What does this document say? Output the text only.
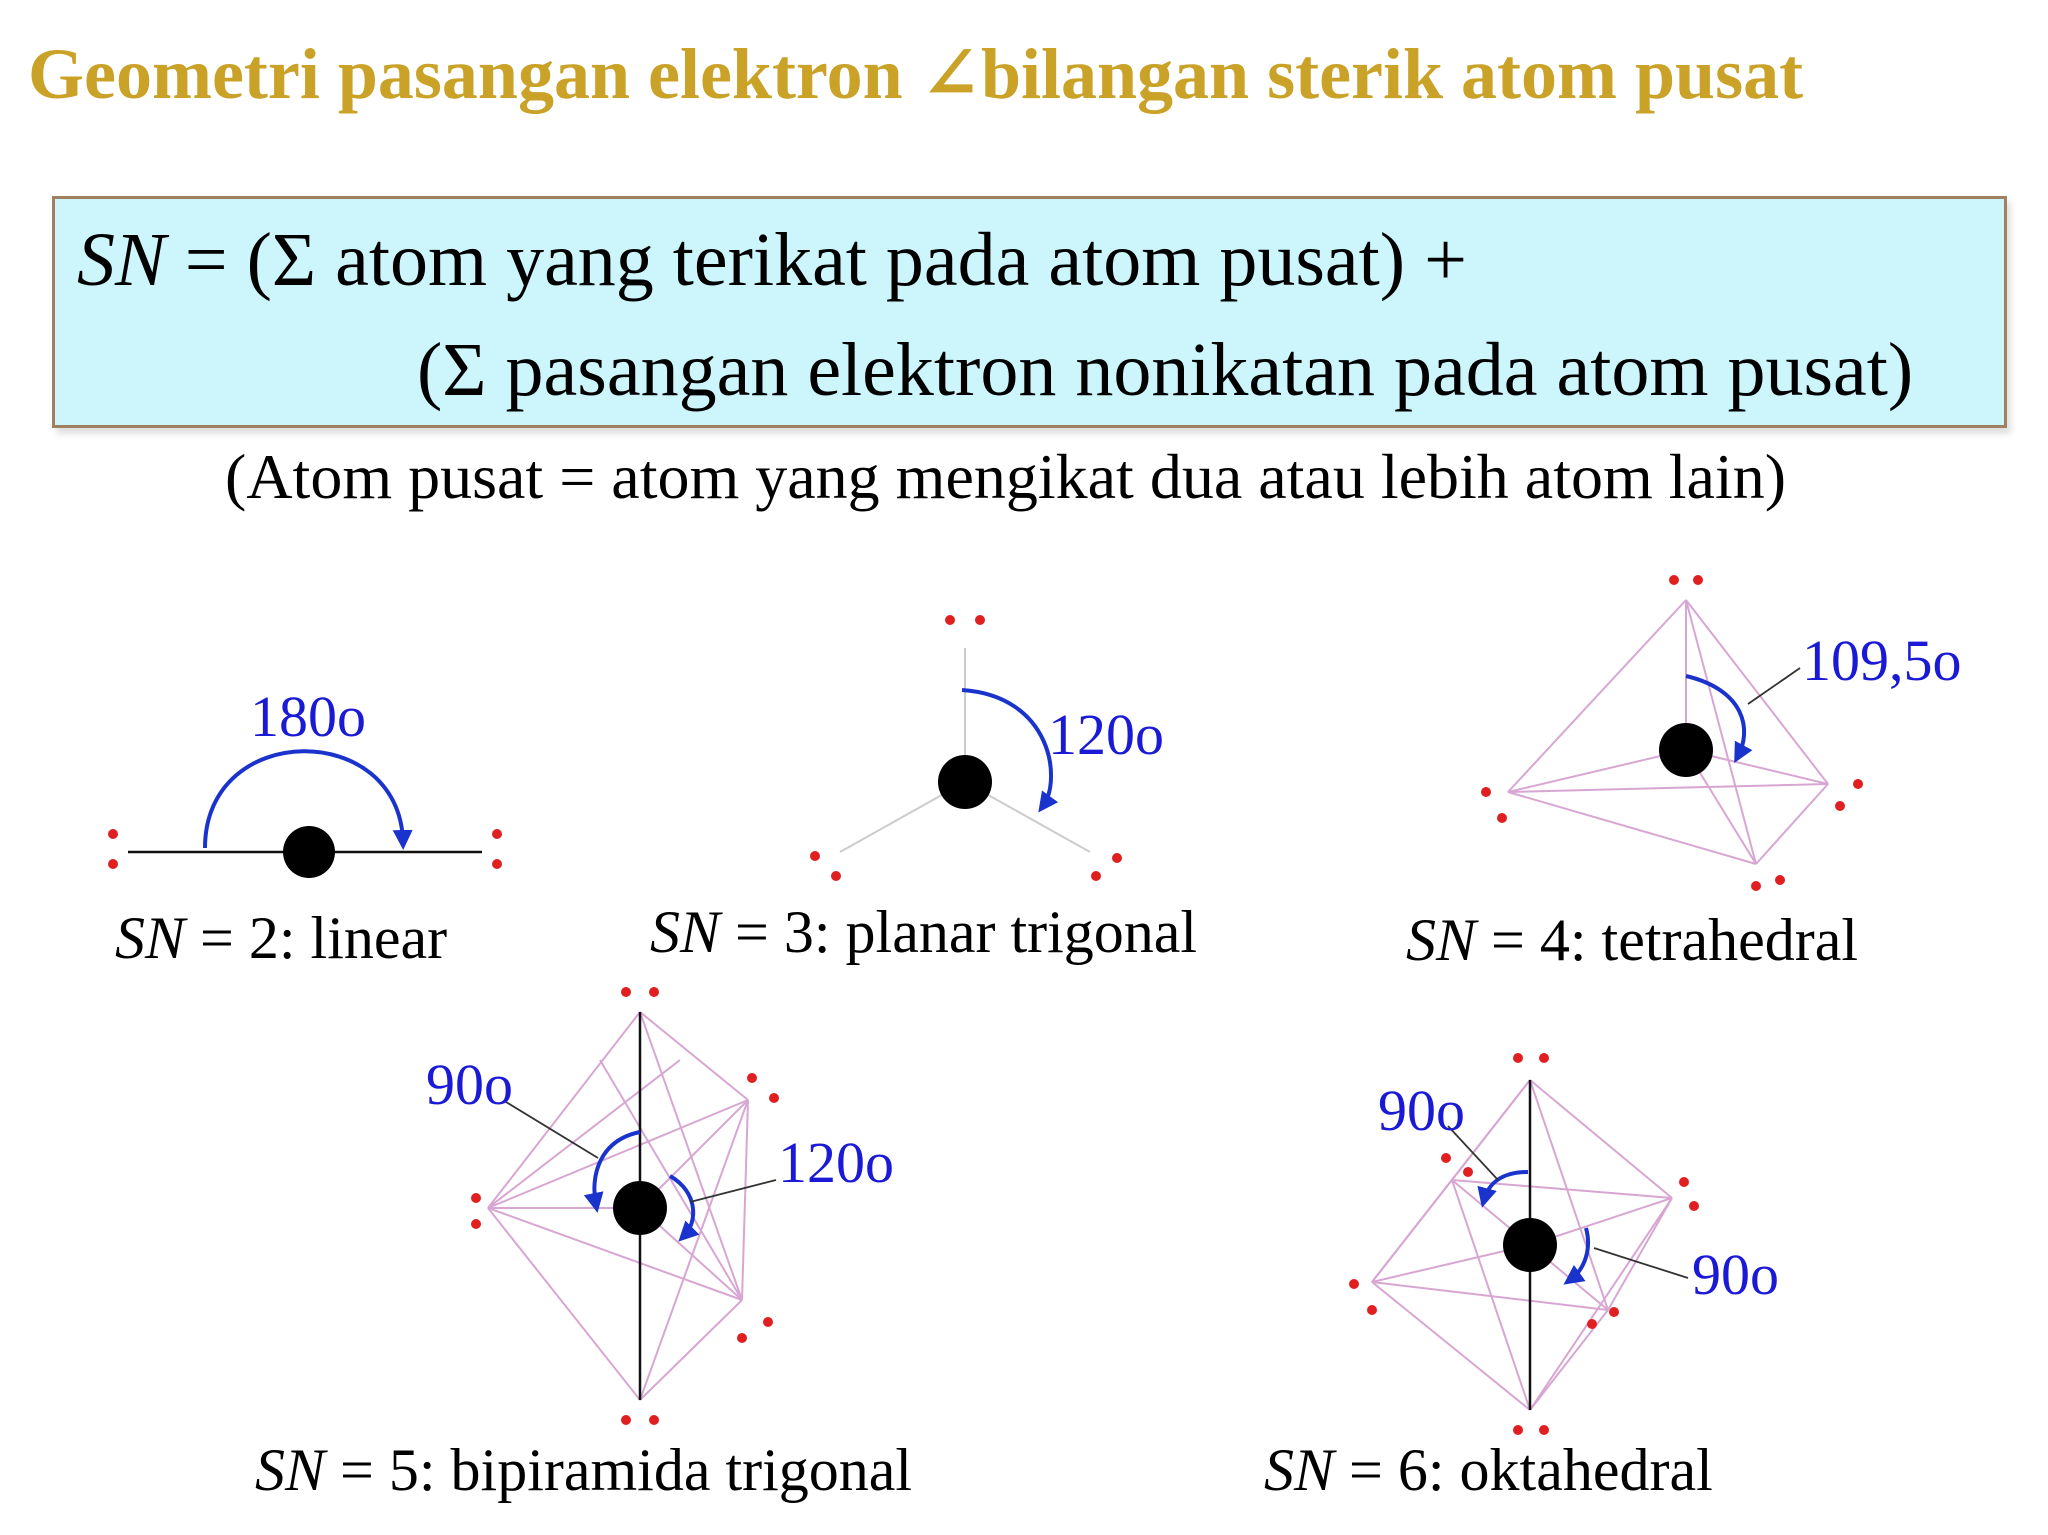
Geometri pasangan elektron ∠bilangan sterik atom pusat
SN = (Σ atom yang terikat pada atom pusat) +
(Σ pasangan elektron nonikatan pada atom pusat)
(Atom pusat = atom yang mengikat dua atau lebih atom lain)
180o
SN = 2: linear
120o
SN = 3: planar trigonal
109,5o
SN = 4: tetrahedral
90o
120o
SN = 5: bipiramida trigonal
90o
90o
SN = 6: oktahedral
